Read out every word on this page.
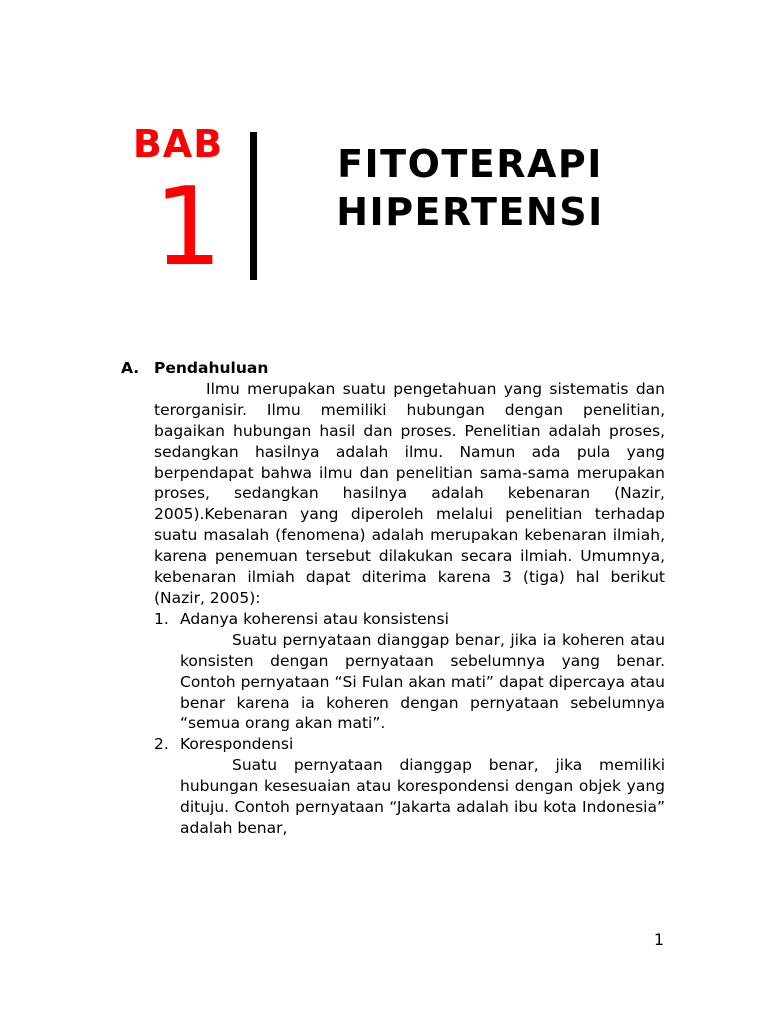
BAB
1
FITOTERAPI
HIPERTENSI
A. Pendahuluan
Ilmu merupakan suatu pengetahuan yang sistematis dan terorganisir. Ilmu memiliki hubungan dengan penelitian, bagaikan hubungan hasil dan proses. Penelitian adalah proses, sedangkan hasilnya adalah ilmu. Namun ada pula yang berpendapat bahwa ilmu dan penelitian sama-sama merupakan proses, sedangkan hasilnya adalah kebenaran (Nazir, 2005).Kebenaran yang diperoleh melalui penelitian terhadap suatu masalah (fenomena) adalah merupakan kebenaran ilmiah, karena penemuan tersebut dilakukan secara ilmiah. Umumnya, kebenaran ilmiah dapat diterima karena 3 (tiga) hal berikut (Nazir, 2005):
1. Adanya koherensi atau konsistensi
Suatu pernyataan dianggap benar, jika ia koheren atau konsisten dengan pernyataan sebelumnya yang benar. Contoh pernyataan “Si Fulan akan mati” dapat dipercaya atau benar karena ia koheren dengan pernyataan sebelumnya “semua orang akan mati”.
2. Korespondensi
Suatu pernyataan dianggap benar, jika memiliki hubungan kesesuaian atau korespondensi dengan objek yang dituju. Contoh pernyataan “Jakarta adalah ibu kota Indonesia” adalah benar,
1
